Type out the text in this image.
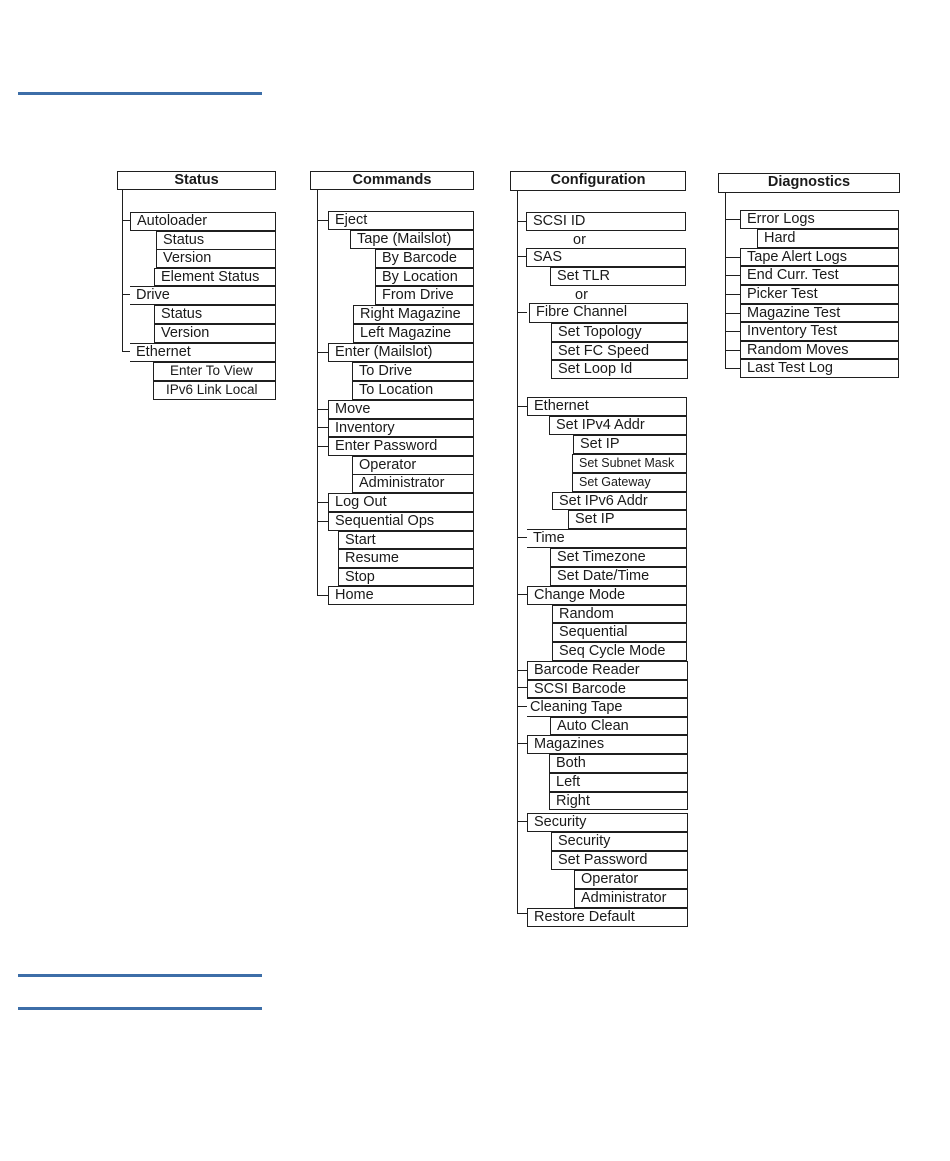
Status
Autoloader
Status
Version
Element Status
Drive
Status
Version
Ethernet
Enter To View
IPv6 Link Local
Commands
Eject
Tape (Mailslot)
By Barcode
By Location
From Drive
Right Magazine
Left Magazine
Enter (Mailslot)
To Drive
To Location
Move
Inventory
Enter Password
Operator
Administrator
Log Out
Sequential Ops
Start
Resume
Stop
Home
Configuration
SCSI ID
or
SAS
Set TLR
or
Fibre Channel
Set Topology
Set FC Speed
Set Loop Id
Ethernet
Set IPv4 Addr
Set IP
Set Subnet Mask
Set Gateway
Set IPv6 Addr
Set IP
Time
Set Timezone
Set Date/Time
Change Mode
Random
Sequential
Seq Cycle Mode
Barcode Reader
SCSI Barcode
Cleaning Tape
Auto Clean
Magazines
Both
Left
Right
Security
Security
Set Password
Operator
Administrator
Restore Default
Diagnostics
Error Logs
Hard
Tape Alert Logs
End Curr. Test
Picker Test
Magazine Test
Inventory Test
Random Moves
Last Test Log
